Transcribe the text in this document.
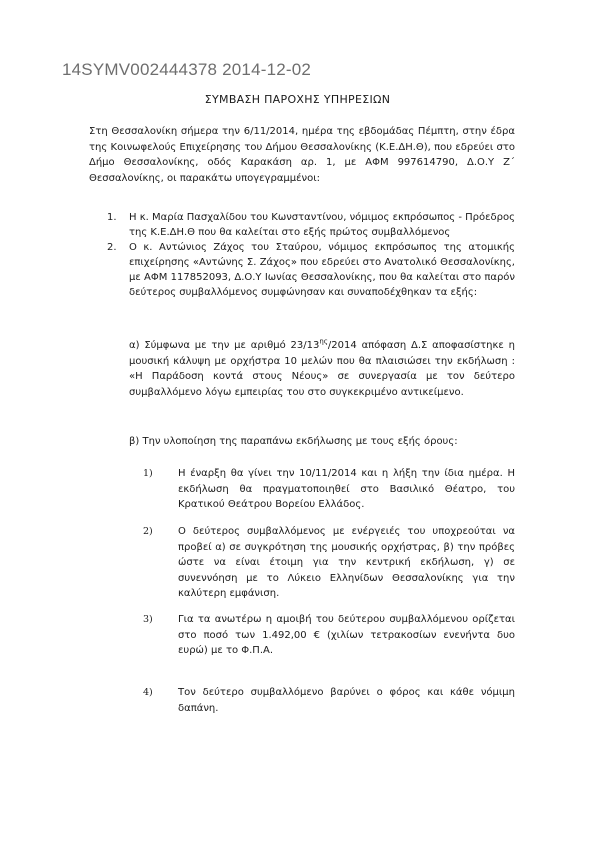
14SYMV002444378 2014-12-02
ΣΥΜΒΑΣΗ ΠΑΡΟΧΗΣ ΥΠΗΡΕΣΙΩΝ
Στη Θεσσαλονίκη σήμερα την 6/11/2014, ημέρα της εβδομάδας Πέμπτη, στην έδρα της Κοινωφελούς Επιχείρησης του Δήμου Θεσσαλονίκης (Κ.Ε.ΔΗ.Θ), που εδρεύει στο Δήμο Θεσσαλονίκης, οδός Καρακάση αρ. 1, με ΑΦΜ 997614790, Δ.Ο.Υ Ζ΄ Θεσσαλονίκης, οι παρακάτω υπογεγραμμένοι:
1. Η κ. Μαρία Πασχαλίδου του Κωνσταντίνου, νόμιμος εκπρόσωπος - Πρόεδρος της Κ.Ε.ΔΗ.Θ που θα καλείται στο εξής πρώτος συμβαλλόμενος
2. Ο κ. Αντώνιος Ζάχος του Σταύρου, νόμιμος εκπρόσωπος της ατομικής επιχείρησης «Αντώνης Σ. Ζάχος» που εδρεύει στο Ανατολικό Θεσσαλονίκης, με ΑΦΜ 117852093, Δ.Ο.Υ Ιωνίας Θεσσαλονίκης, που θα καλείται στο παρόν δεύτερος συμβαλλόμενος συμφώνησαν και συναποδέχθηκαν τα εξής:
α) Σύμφωνα με την με αριθμό $23/13^{\eta\varsigma}/2014$ απόφαση Δ.Σ αποφασίστηκε η μουσική κάλυψη με ορχήστρα 10 μελών που θα πλαισιώσει την εκδήλωση : «Η Παράδοση κοντά στους Νέους» σε συνεργασία με τον δεύτερο συμβαλλόμενο λόγω εμπειρίας του στο συγκεκριμένο αντικείμενο.
β) Την υλοποίηση της παραπάνω εκδήλωσης με τους εξής όρους:
1)	Η έναρξη θα γίνει την 10/11/2014 και η λήξη την ίδια ημέρα. Η εκδήλωση θα πραγματοποιηθεί στο Βασιλικό Θέατρο, του Κρατικού Θεάτρου Βορείου Ελλάδος.
2)	Ο δεύτερος συμβαλλόμενος με ενέργειές του υποχρεούται να προβεί α) σε συγκρότηση της μουσικής ορχήστρας, β) την πρόβες ώστε να είναι έτοιμη για την κεντρική εκδήλωση, γ) σε συνεννόηση με το Λύκειο Ελληνίδων Θεσσαλονίκης για την καλύτερη εμφάνιση.
3)	Για τα ανωτέρω η αμοιβή του δεύτερου συμβαλλόμενου ορίζεται στο ποσό των 1.492,00 € (χιλίων τετρακοσίων ενενήντα δυο ευρώ) με το Φ.Π.Α.
4)	Τον δεύτερο συμβαλλόμενο βαρύνει ο φόρος και κάθε νόμιμη δαπάνη.
